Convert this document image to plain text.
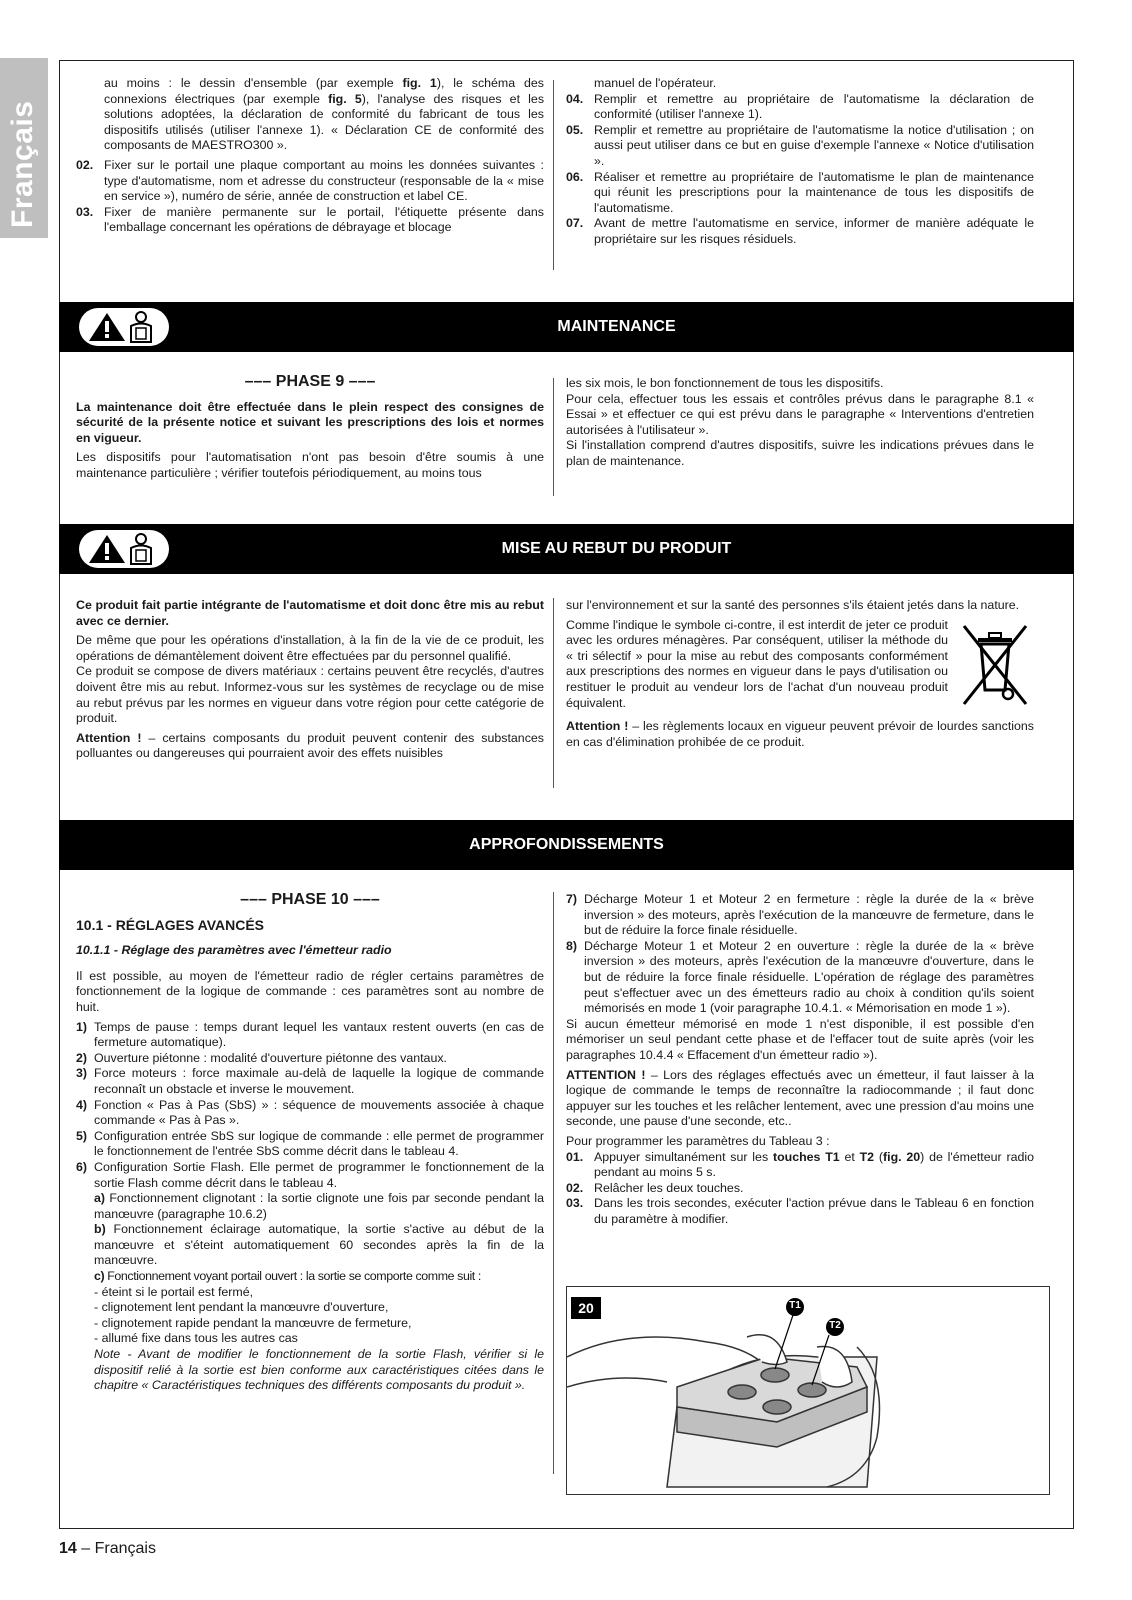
Français

au moins : le dessin d'ensemble (par exemple fig. 1), le schéma des connexions électriques (par exemple fig. 5), l'analyse des risques et les solutions adoptées, la déclaration de conformité du fabricant de tous les dispositifs utilisés (utiliser l'annexe 1). « Déclaration CE de conformité des composants de MAESTRO300 ».

02. Fixer sur le portail une plaque comportant au moins les données suivantes : type d'automatisme, nom et adresse du constructeur (responsable de la « mise en service »), numéro de série, année de construction et label CE.
03. Fixer de manière permanente sur le portail, l'étiquette présente dans l'emballage concernant les opérations de débrayage et blocage

manuel de l'opérateur.

04. Remplir et remettre au propriétaire de l'automatisme la déclaration de conformité (utiliser l'annexe 1).
05. Remplir et remettre au propriétaire de l'automatisme la notice d'utilisation ; on aussi peut utiliser dans ce but en guise d'exemple l'annexe « Notice d'utilisation ».
06. Réaliser et remettre au propriétaire de l'automatisme le plan de maintenance qui réunit les prescriptions pour la maintenance de tous les dispositifs de l'automatisme.
07. Avant de mettre l'automatisme en service, informer de manière adéquate le propriétaire sur les risques résiduels.
MAINTENANCE
––– PHASE 9 –––

La maintenance doit être effectuée dans le plein respect des consignes de sécurité de la présente notice et suivant les prescriptions des lois et normes en vigueur.

Les dispositifs pour l'automatisation n'ont pas besoin d'être soumis à une maintenance particulière ; vérifier toutefois périodiquement, au moins tous

les six mois, le bon fonctionnement de tous les dispositifs.

Pour cela, effectuer tous les essais et contrôles prévus dans le paragraphe 8.1 « Essai » et effectuer ce qui est prévu dans le paragraphe « Interventions d'entretien autorisées à l'utilisateur ».

Si l'installation comprend d'autres dispositifs, suivre les indications prévues dans le plan de maintenance.

MISE AU REBUT DU PRODUIT

Ce produit fait partie intégrante de l'automatisme et doit donc être mis au rebut avec ce dernier.

De même que pour les opérations d'installation, à la fin de la vie de ce produit, les opérations de démantèlement doivent être effectuées par du personnel qualifié.

Ce produit se compose de divers matériaux : certains peuvent être recyclés, d'autres doivent être mis au rebut. Informez-vous sur les systèmes de recyclage ou de mise au rebut prévus par les normes en vigueur dans votre région pour cette catégorie de produit.

Attention ! – certains composants du produit peuvent contenir des substances polluantes ou dangereuses qui pourraient avoir des effets nuisibles

sur l'environnement et sur la santé des personnes s'ils étaient jetés dans la nature.

Comme l'indique le symbole ci-contre, il est interdit de jeter ce produit avec les ordures ménagères. Par conséquent, utiliser la méthode du « tri sélectif » pour la mise au rebut des composants conformément aux prescriptions des normes en vigueur dans le pays d'utilisation ou restituer le produit au vendeur lors de l'achat d'un nouveau produit équivalent.

Attention ! – les règlements locaux en vigueur peuvent prévoir de lourdes sanctions en cas d'élimination prohibée de ce produit.

APPROFONDISSEMENTS
––– PHASE 10 –––
10.1 - RÉGLAGES AVANCÉS
10.1.1 - Réglage des paramètres avec l'émetteur radio

Il est possible, au moyen de l'émetteur radio de régler certains paramètres de fonctionnement de la logique de commande : ces paramètres sont au nombre de huit.

1) Temps de pause : temps durant lequel les vantaux restent ouverts (en cas de fermeture automatique).
2) Ouverture piétonne : modalité d'ouverture piétonne des vantaux.
3) Force moteurs : force maximale au-delà de laquelle la logique de commande reconnaît un obstacle et inverse le mouvement.
4) Fonction « Pas à Pas (SbS) » : séquence de mouvements associée à chaque commande « Pas à Pas ».
5) Configuration entrée SbS sur logique de commande : elle permet de programmer le fonctionnement de l'entrée SbS comme décrit dans le tableau 4.
6) Configuration Sortie Flash. Elle permet de programmer le fonctionnement de la sortie Flash comme décrit dans le tableau 4.
a) Fonctionnement clignotant : la sortie clignote une fois par seconde pendant la manœuvre (paragraphe 10.6.2)
b) Fonctionnement éclairage automatique, la sortie s'active au début de la manœuvre et s'éteint automatiquement 60 secondes après la fin de la manœuvre.
c) Fonctionnement voyant portail ouvert : la sortie se comporte comme suit :
- éteint si le portail est fermé,
- clignotement lent pendant la manœuvre d'ouverture,
- clignotement rapide pendant la manœuvre de fermeture,
- allumé fixe dans tous les autres cas
Note - Avant de modifier le fonctionnement de la sortie Flash, vérifier si le dispositif relié à la sortie est bien conforme aux caractéristiques citées dans le chapitre « Caractéristiques techniques des différents composants du produit ».
7) Décharge Moteur 1 et Moteur 2 en fermeture : règle la durée de la « brève inversion » des moteurs, après l'exécution de la manœuvre de fermeture, dans le but de réduire la force finale résiduelle.
8) Décharge Moteur 1 et Moteur 2 en ouverture : règle la durée de la « brève inversion » des moteurs, après l'exécution de la manœuvre d'ouverture, dans le but de réduire la force finale résiduelle. L'opération de réglage des paramètres peut s'effectuer avec un des émetteurs radio au choix à condition qu'ils soient mémorisés en mode 1 (voir paragraphe 10.4.1. « Mémorisation en mode 1 »).

Si aucun émetteur mémorisé en mode 1 n'est disponible, il est possible d'en mémoriser un seul pendant cette phase et de l'effacer tout de suite après (voir les paragraphes 10.4.4 « Effacement d'un émetteur radio »).

ATTENTION ! – Lors des réglages effectués avec un émetteur, il faut laisser à la logique de commande le temps de reconnaître la radiocommande ; il faut donc appuyer sur les touches et les relâcher lentement, avec une pression d'au moins une seconde, une pause d'une seconde, etc..

Pour programmer les paramètres du Tableau 3 :

01. Appuyer simultanément sur les touches T1 et T2 (fig. 20) de l'émetteur radio pendant au moins 5 s.
02. Relâcher les deux touches.
03. Dans les trois secondes, exécuter l'action prévue dans le Tableau 6 en fonction du paramètre à modifier.
20	T1
T2
14 – Français
